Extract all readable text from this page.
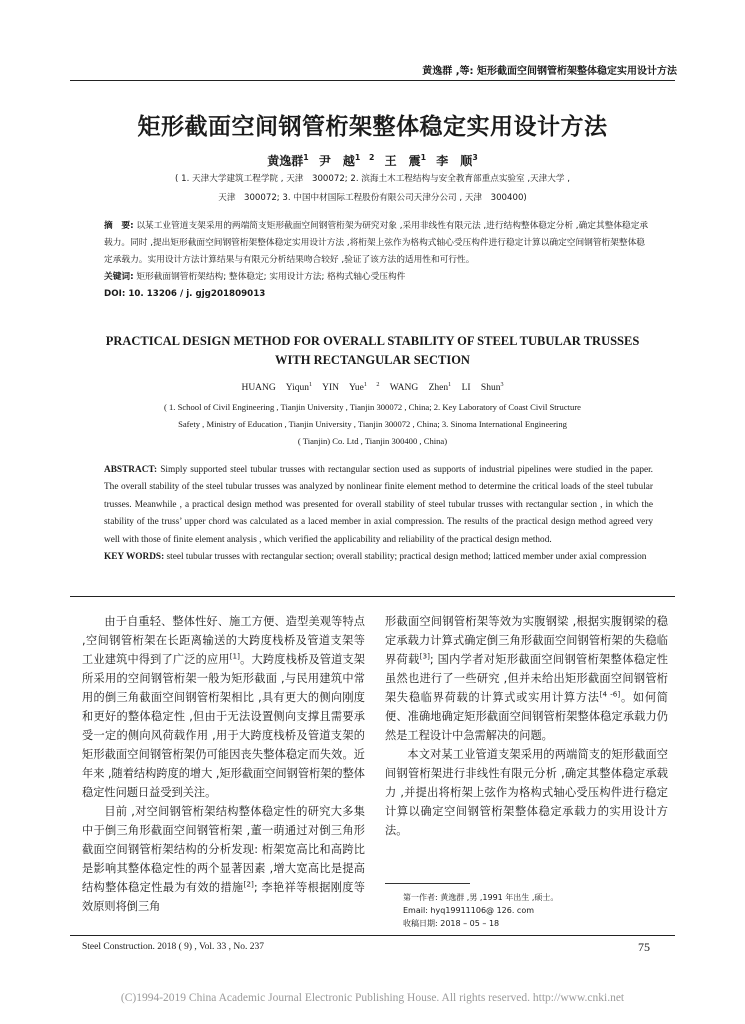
黄逸群 ,等: 矩形截面空间钢管桁架整体稳定实用设计方法
矩形截面空间钢管桁架整体稳定实用设计方法
黄逸群$^1$ 尹　越$^{1 2}$ 王　震$^1$ 李　顺$^3$
( 1. 天津大学建筑工程学院 , 天津　300072; 2. 滨海土木工程结构与安全教育部重点实验室 ,天津大学 ,
天津　300072; 3. 中国中材国际工程股份有限公司天津分公司 , 天津　300400)
摘　要: 以某工业管道支架采用的两端简支矩形截面空间钢管桁架为研究对象 ,采用非线性有限元法 ,进行结构整体稳定分析 ,确定其整体稳定承载力。同时 ,提出矩形截面空间钢管桁架整体稳定实用设计方法 ,将桁架上弦作为格构式轴心受压构件进行稳定计算以确定空间钢管桁架整体稳定承载力。实用设计方法计算结果与有限元分析结果吻合较好 ,验证了该方法的适用性和可行性。
关键词: 矩形截面钢管桁架结构; 整体稳定; 实用设计方法; 格构式轴心受压构件
DOI: 10. 13206 / j. gjg201809013
PRACTICAL DESIGN METHOD FOR OVERALL STABILITY OF STEEL TUBULAR TRUSSES
WITH RECTANGULAR SECTION
HUANG Yiqun$^1$ YIN Yue$^{1 2}$ WANG Zhen$^1$ LI Shun$^3$
( 1. School of Civil Engineering , Tianjin University , Tianjin 300072 , China; 2. Key Laboratory of Coast Civil Structure
Safety , Ministry of Education , Tianjin University , Tianjin 300072 , China; 3. Sinoma International Engineering
( Tianjin) Co. Ltd , Tianjin 300400 , China)
ABSTRACT: Simply supported steel tubular trusses with rectangular section used as supports of industrial pipelines were studied in the paper. The overall stability of the steel tubular trusses was analyzed by nonlinear finite element method to determine the critical loads of the steel tubular trusses. Meanwhile , a practical design method was presented for overall stability of steel tubular trusses with rectangular section , in which the stability of the truss’ upper chord was calculated as a laced member in axial compression. The results of the practical design method agreed very well with those of finite element analysis , which verified the applicability and reliability of the practical design method.
KEY WORDS: steel tubular trusses with rectangular section; overall stability; practical design method; latticed member under axial compression

由于自重轻、整体性好、施工方便、造型美观等特点 ,空间钢管桁架在长距离输送的大跨度栈桥及管道支架等工业建筑中得到了广泛的应用[1]。大跨度栈桥及管道支架所采用的空间钢管桁架一般为矩形截面 ,与民用建筑中常用的倒三角截面空间钢管桁架相比 ,具有更大的侧向刚度和更好的整体稳定性 ,但由于无法设置侧向支撑且需要承受一定的侧向风荷载作用 ,用于大跨度栈桥及管道支架的矩形截面空间钢管桁架仍可能因丧失整体稳定而失效。近年来 ,随着结构跨度的增大 ,矩形截面空间钢管桁架的整体稳定性问题日益受到关注。

目前 ,对空间钢管桁架结构整体稳定性的研究大多集中于倒三角形截面空间钢管桁架 ,董一萌通过对倒三角形截面空间钢管桁架结构的分析发现: 桁架宽高比和高跨比是影响其整体稳定性的两个显著因素 ,增大宽高比是提高结构整体稳定性最为有效的措施[2]; 李艳祥等根据刚度等效原则将倒三角

形截面空间钢管桁架等效为实腹钢梁 ,根据实腹钢梁的稳定承载力计算式确定倒三角形截面空间钢管桁架的失稳临界荷载[3]; 国内学者对矩形截面空间钢管桁架整体稳定性虽然也进行了一些研究 ,但并未给出矩形截面空间钢管桁架失稳临界荷载的计算式或实用计算方法[4 -6]。如何简便、准确地确定矩形截面空间钢管桁架整体稳定承载力仍然是工程设计中急需解决的问题。

本文对某工业管道支架采用的两端简支的矩形截面空间钢管桁架进行非线性有限元分析 ,确定其整体稳定承载力 ,并提出将桁架上弦作为格构式轴心受压构件进行稳定计算以确定空间钢管桁架整体稳定承载力的实用设计方法。

第一作者: 黄逸群 ,男 ,1991 年出生 ,硕士。
Email: hyq19911106@ 126. com
收稿日期: 2018 – 05 – 18
Steel Construction. 2018 ( 9) , Vol. 33 , No. 237	75
(C)1994-2019 China Academic Journal Electronic Publishing House. All rights reserved. http://www.cnki.net
